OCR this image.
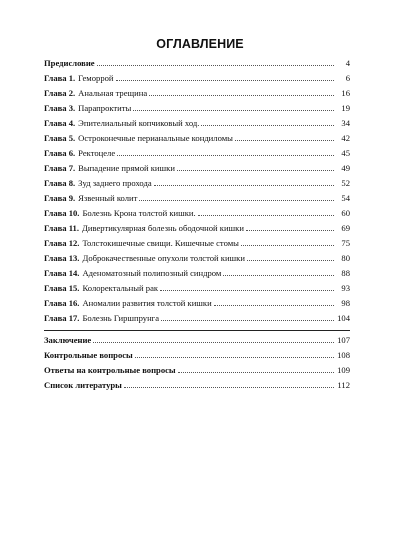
ОГЛАВЛЕНИЕ
Предисловие	4
Глава 1. Геморрой	6
Глава 2. Анальная трещина	16
Глава 3. Парапроктиты	19
Глава 4. Эпителиальный копчиковый ход.	34
Глава 5. Остроконечные перианальные кондиломы	42
Глава 6. Ректоцеле	45
Глава 7. Выпадение прямой кишки	49
Глава 8. Зуд заднего прохода	52
Глава 9. Язвенный колит	54
Глава 10. Болезнь Крона толстой кишки.	60
Глава 11. Дивертикулярная болезнь ободочной кишки	69
Глава 12. Толстокишечные свищи. Кишечные стомы	75
Глава 13. Доброкачественные опухоли толстой кишки	80
Глава 14. Аденоматозный полипозный синдром	88
Глава 15. Колоректальный рак	93
Глава 16. Аномалии развития толстой кишки	98
Глава 17. Болезнь Гиршпрунга	104
Заключение	107
Контрольные вопросы	108
Ответы на контрольные вопросы	109
Список литературы	112
